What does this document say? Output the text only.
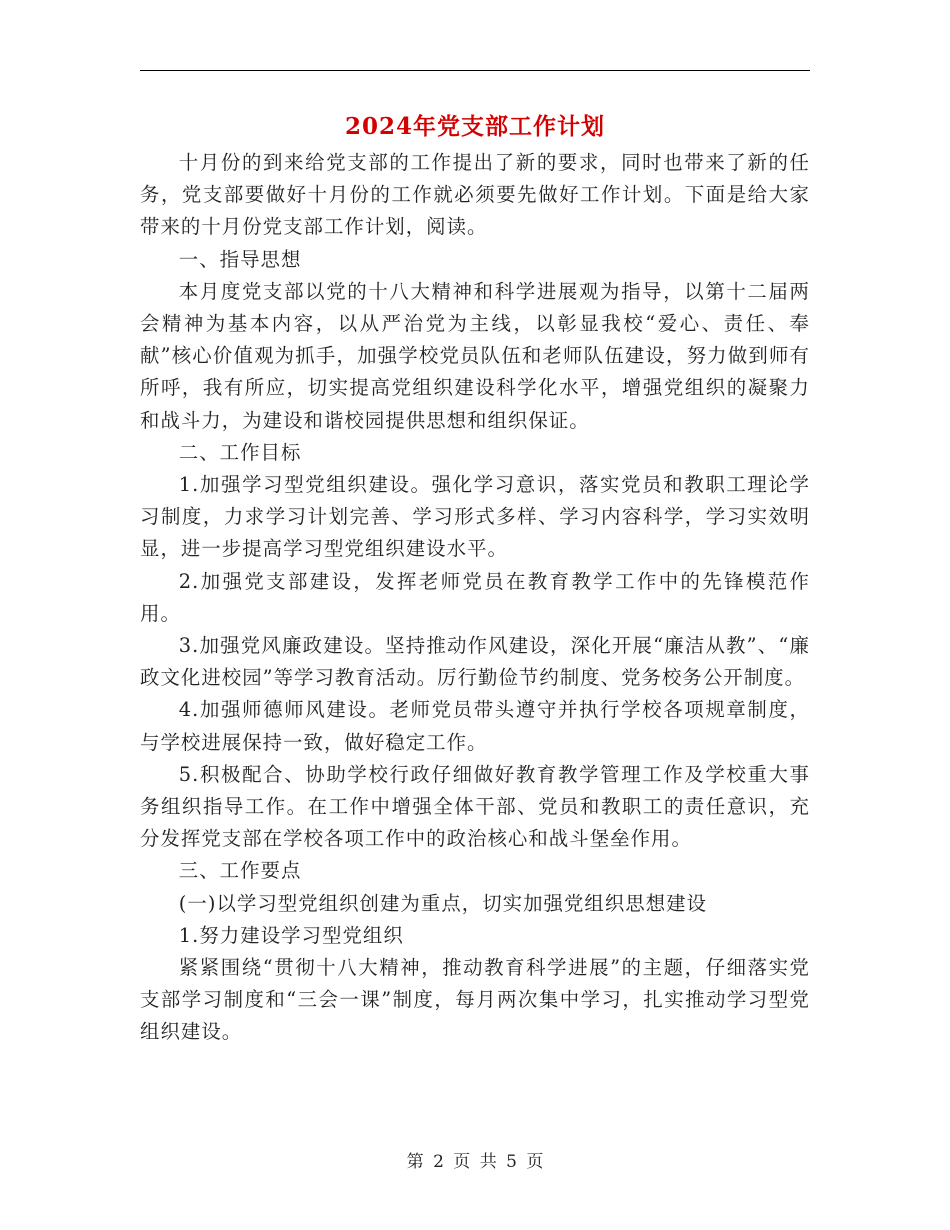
2024年党支部工作计划

十月份的到来给党支部的工作提出了新的要求，同时也带来了新的任务，党支部要做好十月份的工作就必须要先做好工作计划。下面是给大家带来的十月份党支部工作计划，阅读。

一、指导思想

本月度党支部以党的十八大精神和科学进展观为指导，以第十二届两会精神为基本内容，以从严治党为主线，以彰显我校“爱心、责任、奉献”核心价值观为抓手，加强学校党员队伍和老师队伍建设，努力做到师有所呼，我有所应，切实提高党组织建设科学化水平，增强党组织的凝聚力和战斗力，为建设和谐校园提供思想和组织保证。

二、工作目标

1.加强学习型党组织建设。强化学习意识，落实党员和教职工理论学习制度，力求学习计划完善、学习形式多样、学习内容科学，学习实效明显，进一步提高学习型党组织建设水平。

2.加强党支部建设，发挥老师党员在教育教学工作中的先锋模范作用。

3.加强党风廉政建设。坚持推动作风建设，深化开展“廉洁从教”、“廉政文化进校园”等学习教育活动。厉行勤俭节约制度、党务校务公开制度。

4.加强师德师风建设。老师党员带头遵守并执行学校各项规章制度，与学校进展保持一致，做好稳定工作。

5.积极配合、协助学校行政仔细做好教育教学管理工作及学校重大事务组织指导工作。在工作中增强全体干部、党员和教职工的责任意识，充分发挥党支部在学校各项工作中的政治核心和战斗堡垒作用。

三、工作要点

(一)以学习型党组织创建为重点，切实加强党组织思想建设

1.努力建设学习型党组织

紧紧围绕“贯彻十八大精神，推动教育科学进展”的主题，仔细落实党支部学习制度和“三会一课”制度，每月两次集中学习，扎实推动学习型党组织建设。

第 2 页 共 5 页
